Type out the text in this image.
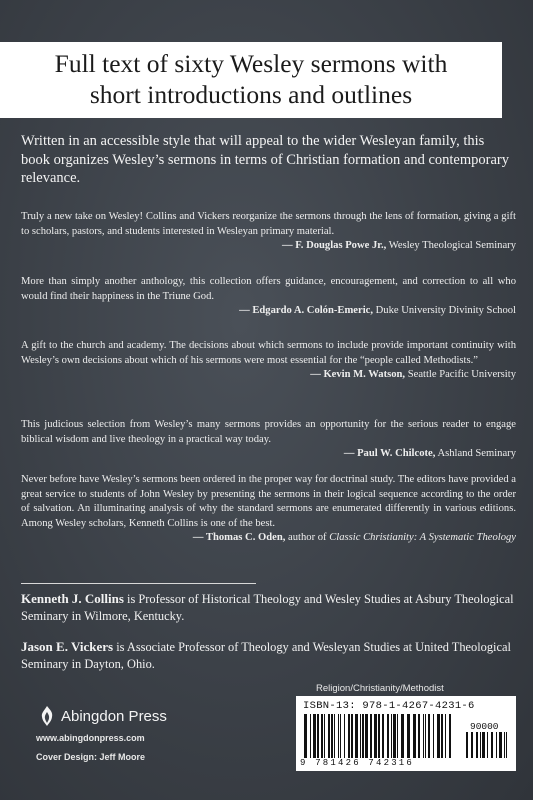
Full text of sixty Wesley sermons with
short introductions and outlines
Written in an accessible style that will appeal to the wider Wesleyan family, this book organizes Wesley’s sermons in terms of Christian formation and contemporary relevance.
Truly a new take on Wesley! Collins and Vickers reorganize the sermons through the lens of formation, giving a gift to scholars, pastors, and students interested in Wesleyan primary material.
— F. Douglas Powe Jr., Wesley Theological Seminary
More than simply another anthology, this collection offers guidance, encouragement, and correction to all who would find their happiness in the Triune God.
— Edgardo A. Colón-Emeric, Duke University Divinity School
A gift to the church and academy. The decisions about which sermons to include provide important continuity with Wesley’s own decisions about which of his sermons were most essential for the “people called Methodists.”
— Kevin M. Watson, Seattle Pacific University
This judicious selection from Wesley’s many sermons provides an opportunity for the serious reader to engage biblical wisdom and live theology in a practical way today.
— Paul W. Chilcote, Ashland Seminary
Never before have Wesley’s sermons been ordered in the proper way for doctrinal study. The editors have provided a great service to students of John Wesley by presenting the sermons in their logical sequence according to the order of salvation. An illuminating analysis of why the standard sermons are enumerated differently in various editions. Among Wesley scholars, Kenneth Collins is one of the best.
— Thomas C. Oden, author of Classic Christianity: A Systematic Theology
Kenneth J. Collins is Professor of Historical Theology and Wesley Studies at Asbury Theological Seminary in Wilmore, Kentucky.
Jason E. Vickers is Associate Professor of Theology and Wesleyan Studies at United Theological Seminary in Dayton, Ohio.
Abingdon Press
www.abingdonpress.com
Cover Design: Jeff Moore
Religion/Christianity/Methodist
ISBN-13: 978-1-4267-4231-6
90000
9 781426 742316
